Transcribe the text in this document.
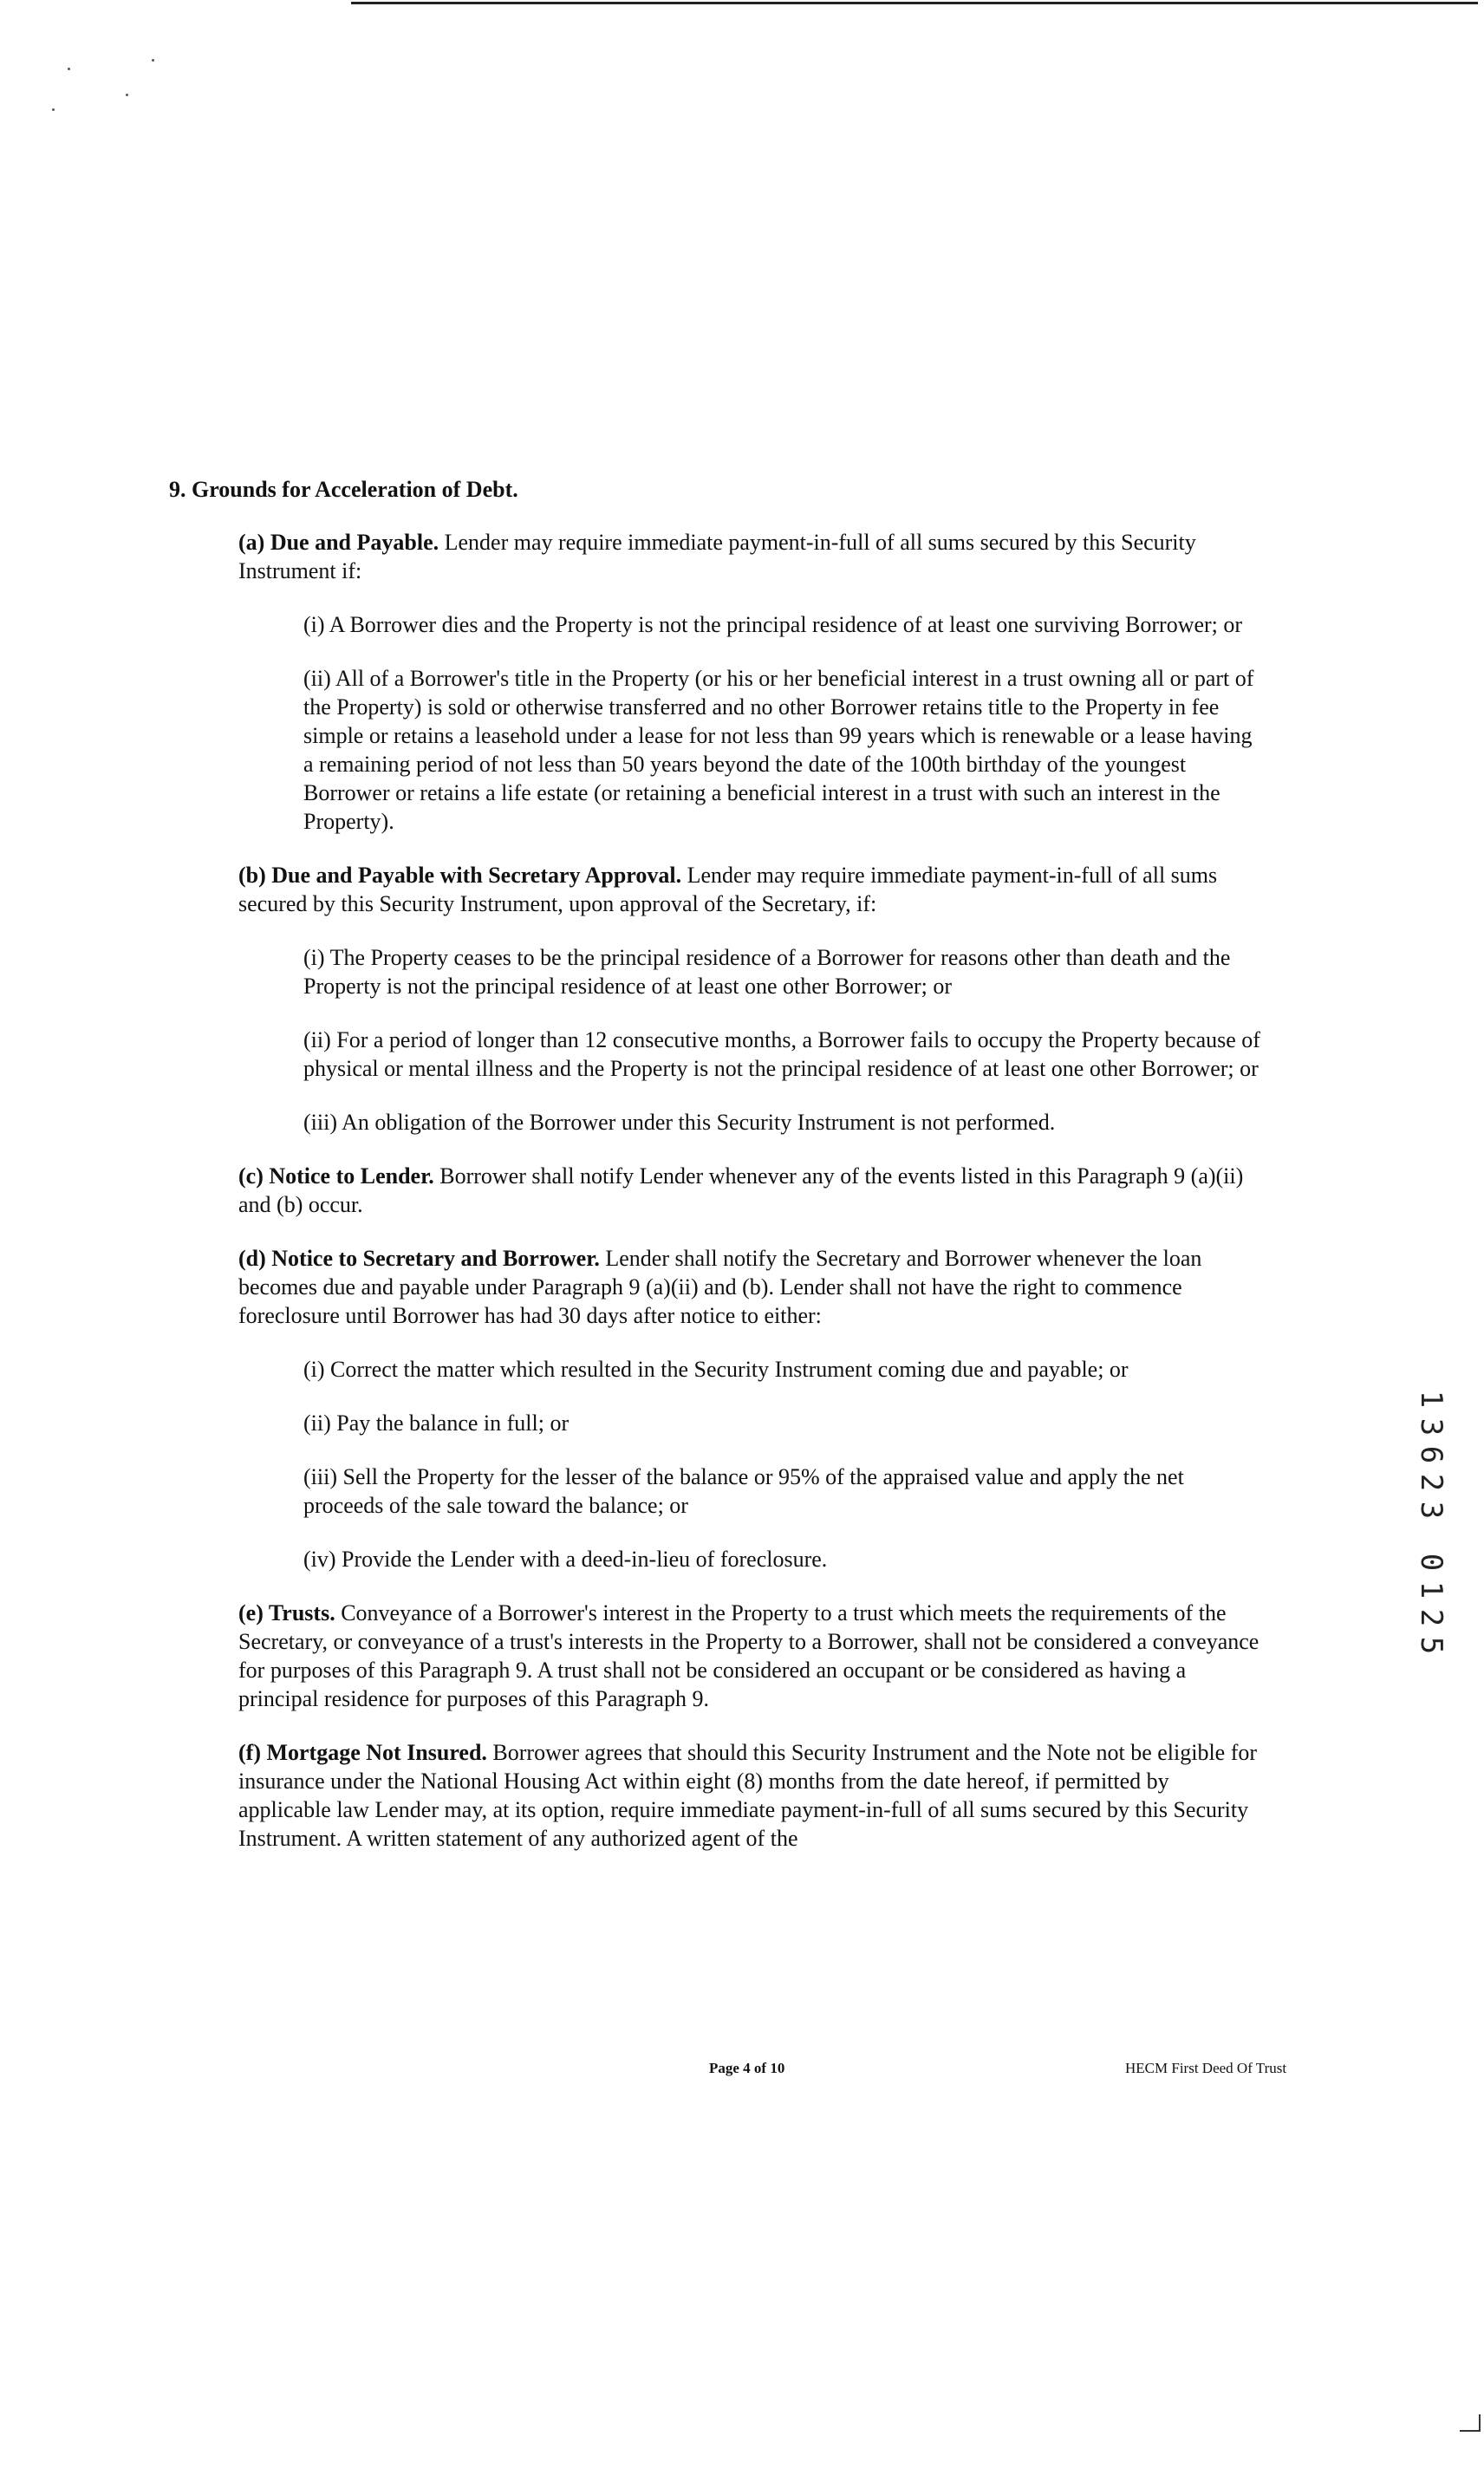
9. Grounds for Acceleration of Debt.
(a) Due and Payable. Lender may require immediate payment-in-full of all sums secured by this Security Instrument if:
(i) A Borrower dies and the Property is not the principal residence of at least one surviving Borrower; or
(ii) All of a Borrower's title in the Property (or his or her beneficial interest in a trust owning all or part of the Property) is sold or otherwise transferred and no other Borrower retains title to the Property in fee simple or retains a leasehold under a lease for not less than 99 years which is renewable or a lease having a remaining period of not less than 50 years beyond the date of the 100th birthday of the youngest Borrower or retains a life estate (or retaining a beneficial interest in a trust with such an interest in the Property).
(b) Due and Payable with Secretary Approval. Lender may require immediate payment-in-full of all sums secured by this Security Instrument, upon approval of the Secretary, if:
(i) The Property ceases to be the principal residence of a Borrower for reasons other than death and the Property is not the principal residence of at least one other Borrower; or
(ii) For a period of longer than 12 consecutive months, a Borrower fails to occupy the Property because of physical or mental illness and the Property is not the principal residence of at least one other Borrower; or
(iii) An obligation of the Borrower under this Security Instrument is not performed.
(c) Notice to Lender. Borrower shall notify Lender whenever any of the events listed in this Paragraph 9 (a)(ii) and (b) occur.
(d) Notice to Secretary and Borrower. Lender shall notify the Secretary and Borrower whenever the loan becomes due and payable under Paragraph 9 (a)(ii) and (b). Lender shall not have the right to commence foreclosure until Borrower has had 30 days after notice to either:
(i) Correct the matter which resulted in the Security Instrument coming due and payable; or
(ii) Pay the balance in full; or
(iii) Sell the Property for the lesser of the balance or 95% of the appraised value and apply the net proceeds of the sale toward the balance; or
(iv) Provide the Lender with a deed-in-lieu of foreclosure.
(e) Trusts. Conveyance of a Borrower's interest in the Property to a trust which meets the requirements of the Secretary, or conveyance of a trust's interests in the Property to a Borrower, shall not be considered a conveyance for purposes of this Paragraph 9. A trust shall not be considered an occupant or be considered as having a principal residence for purposes of this Paragraph 9.
(f) Mortgage Not Insured. Borrower agrees that should this Security Instrument and the Note not be eligible for insurance under the National Housing Act within eight (8) months from the date hereof, if permitted by applicable law Lender may, at its option, require immediate payment-in-full of all sums secured by this Security Instrument. A written statement of any authorized agent of the
Page 4 of 10	HECM First Deed Of Trust
1
3
6
2
3
0
1
2
5
